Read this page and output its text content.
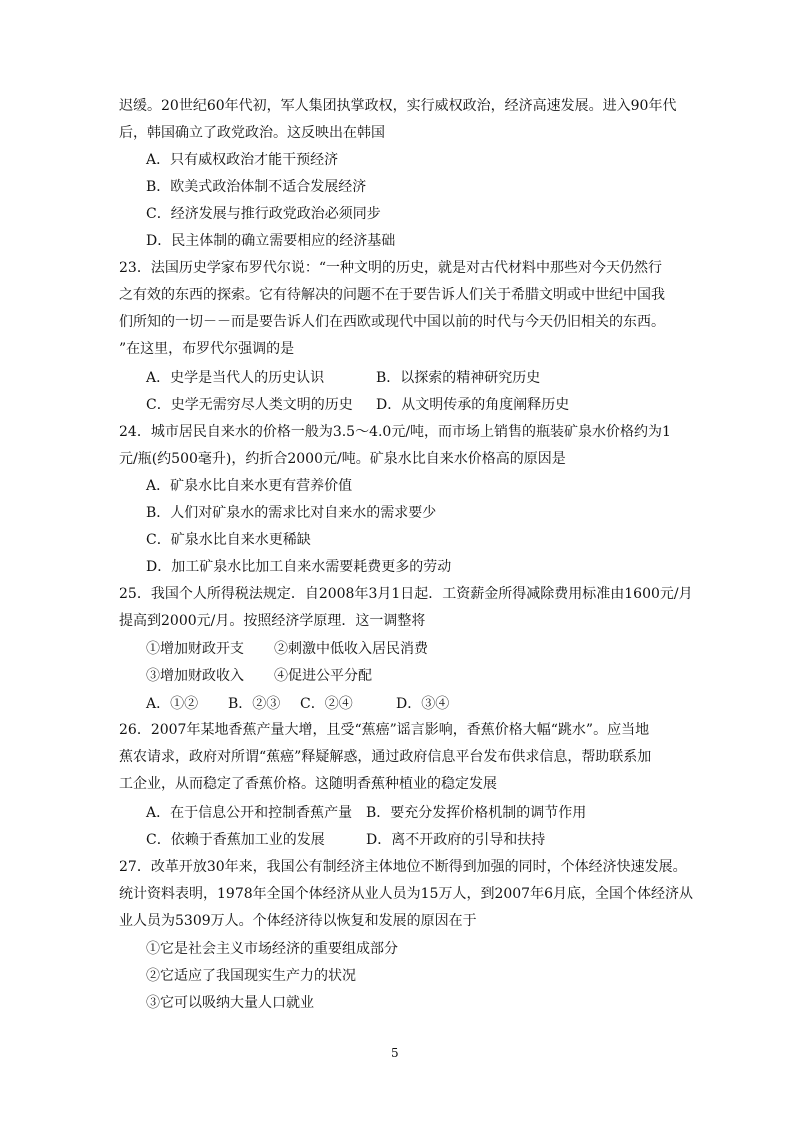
迟缓。20世纪60年代初，军人集团执掌政权，实行威权政治，经济高速发展。进入90年代
后，韩国确立了政党政治。这反映出在韩国
A．只有威权政治才能干预经济
B．欧美式政治体制不适合发展经济
C．经济发展与推行政党政治必须同步
D．民主体制的确立需要相应的经济基础
23．法国历史学家布罗代尔说：“一种文明的历史，就是对古代材料中那些对今天仍然行
之有效的东西的探索。它有待解决的问题不在于要告诉人们关于希腊文明或中世纪中国我
们所知的一切－－而是要告诉人们在西欧或现代中国以前的时代与今天仍旧相关的东西。
”在这里，布罗代尔强调的是
A．史学是当代人的历史认识	B．以探索的精神研究历史
C．史学无需穷尽人类文明的历史 D．从文明传承的角度阐释历史
24．城市居民自来水的价格一般为3.5～4.0元/吨，而市场上销售的瓶装矿泉水价格约为1
元/瓶(约500毫升)，约折合2000元/吨。矿泉水比自来水价格高的原因是
A．矿泉水比自来水更有营养价值
B．人们对矿泉水的需求比对自来水的需求要少
C．矿泉水比自来水更稀缺
D．加工矿泉水比加工自来水需要耗费更多的劳动
25．我国个人所得税法规定．自2008年3月1日起．工资薪金所得减除费用标准由1600元/月
提高到2000元/月。按照经济学原理．这一调整将
①增加财政开支 ②刺激中低收入居民消费
③增加财政收入 ④促进公平分配
A．①② B．②③ C．②④	D．③④
26．2007年某地香蕉产量大增，且受“蕉癌”谣言影响，香蕉价格大幅“跳水”。应当地
蕉农请求，政府对所谓“蕉癌”释疑解惑，通过政府信息平台发布供求信息，帮助联系加
工企业，从而稳定了香蕉价格。这随明香蕉种植业的稳定发展
A．在于信息公开和控制香蕉产量 B．要充分发挥价格机制的调节作用
C．依赖于香蕉加工业的发展	D．离不开政府的引导和扶持
27．改革开放30年来，我国公有制经济主体地位不断得到加强的同时，个体经济快速发展。
统计资料表明，1978年全国个体经济从业人员为15万人，到2007年6月底，全国个体经济从
业人员为5309万人。个体经济待以恢复和发展的原因在于
①它是社会主义市场经济的重要组成部分
②它适应了我国现实生产力的状况
③它可以吸纳大量人口就业
5
